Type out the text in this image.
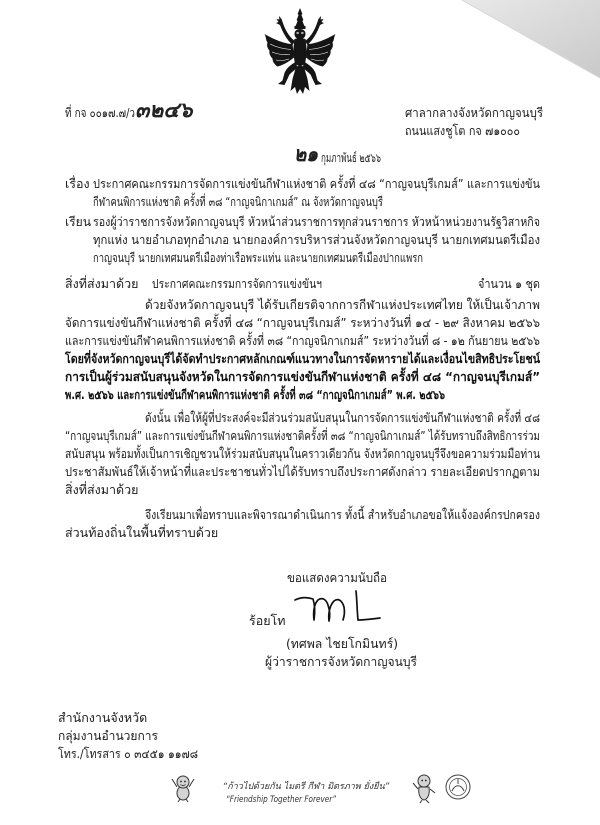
ที่ กจ ๐๐๑๗.๗/ว ๓๒๔๖	ศาลากลางจังหวัดกาญจนบุรี
ถนนแสงชูโต กจ ๗๑๐๐๐
๒๑ กุมภาพันธ์ ๒๕๖๖
เรื่อง ประกาศคณะกรรมการจัดการแข่งขันกีฬาแห่งชาติ ครั้งที่ ๔๘ “กาญจนบุรีเกมส์” และการแข่งขัน
กีฬาคนพิการแห่งชาติ ครั้งที่ ๓๘ “กาญจนิกาเกมส์” ณ จังหวัดกาญจนบุรี
เรียน รองผู้ว่าราชการจังหวัดกาญจนบุรี หัวหน้าส่วนราชการทุกส่วนราชการ หัวหน้าหน่วยงานรัฐวิสาหกิจ
ทุกแห่ง นายอำเภอทุกอำเภอ นายกองค์การบริหารส่วนจังหวัดกาญจนบุรี นายกเทศมนตรีเมือง
กาญจนบุรี นายกเทศมนตรีเมืองท่าเรือพระแท่น และนายกเทศมนตรีเมืองปากแพรก
สิ่งที่ส่งมาด้วย ประกาศคณะกรรมการจัดการแข่งขันฯ	จำนวน ๑ ชุด
ด้วยจังหวัดกาญจนบุรี ได้รับเกียรติจากการกีฬาแห่งประเทศไทย ให้เป็นเจ้าภาพ
จัดการแข่งขันกีฬาแห่งชาติ ครั้งที่ ๔๘ “กาญจนบุรีเกมส์” ระหว่างวันที่ ๑๔ - ๒๙ สิงหาคม ๒๕๖๖
และการแข่งขันกีฬาคนพิการแห่งชาติ ครั้งที่ ๓๘ “กาญจนิกาเกมส์” ระหว่างวันที่ ๘ - ๑๒ กันยายน ๒๕๖๖
โดยที่จังหวัดกาญจนบุรีได้จัดทำประกาศหลักเกณฑ์แนวทางในการจัดหารายได้และเงื่อนไขสิทธิประโยชน์
การเป็นผู้ร่วมสนับสนุนจังหวัดในการจัดการแข่งขันกีฬาแห่งชาติ ครั้งที่ ๔๘ “กาญจนบุรีเกมส์”
พ.ศ. ๒๕๖๖ และการแข่งขันกีฬาคนพิการแห่งชาติ ครั้งที่ ๓๘ “กาญจนิกาเกมส์” พ.ศ. ๒๕๖๖
ดังนั้น เพื่อให้ผู้ที่ประสงค์จะมีส่วนร่วมสนับสนุนในการจัดการแข่งขันกีฬาแห่งชาติ ครั้งที่ ๔๘
“กาญจนบุรีเกมส์” และการแข่งขันกีฬาคนพิการแห่งชาติครั้งที่ ๓๘ “กาญจนิกาเกมส์” ได้รับทราบถึงสิทธิการร่วม
สนับสนุน พร้อมทั้งเป็นการเชิญชวนให้ร่วมสนับสนุนในคราวเดียวกัน จังหวัดกาญจนบุรีจึงขอความร่วมมือท่าน
ประชาสัมพันธ์ให้เจ้าหน้าที่และประชาชนทั่วไปได้รับทราบถึงประกาศดังกล่าว รายละเอียดปรากฏตาม
สิ่งที่ส่งมาด้วย
จึงเรียนมาเพื่อทราบและพิจารณาดำเนินการ ทั้งนี้ สำหรับอำเภอขอให้แจ้งองค์กรปกครอง
ส่วนท้องถิ่นในพื้นที่ทราบด้วย
ขอแสดงความนับถือ
ร้อยโท
(ทศพล ไชยโกมินทร์)
ผู้ว่าราชการจังหวัดกาญจนบุรี
สำนักงานจังหวัด
กลุ่มงานอำนวยการ
โทร./โทรสาร ๐ ๓๔๕๑ ๑๑๗๘
“ก้าวไปด้วยกัน ไมตรี กีฬา มิตรภาพ ยั่งยืน”
“Friendship Together Forever”
